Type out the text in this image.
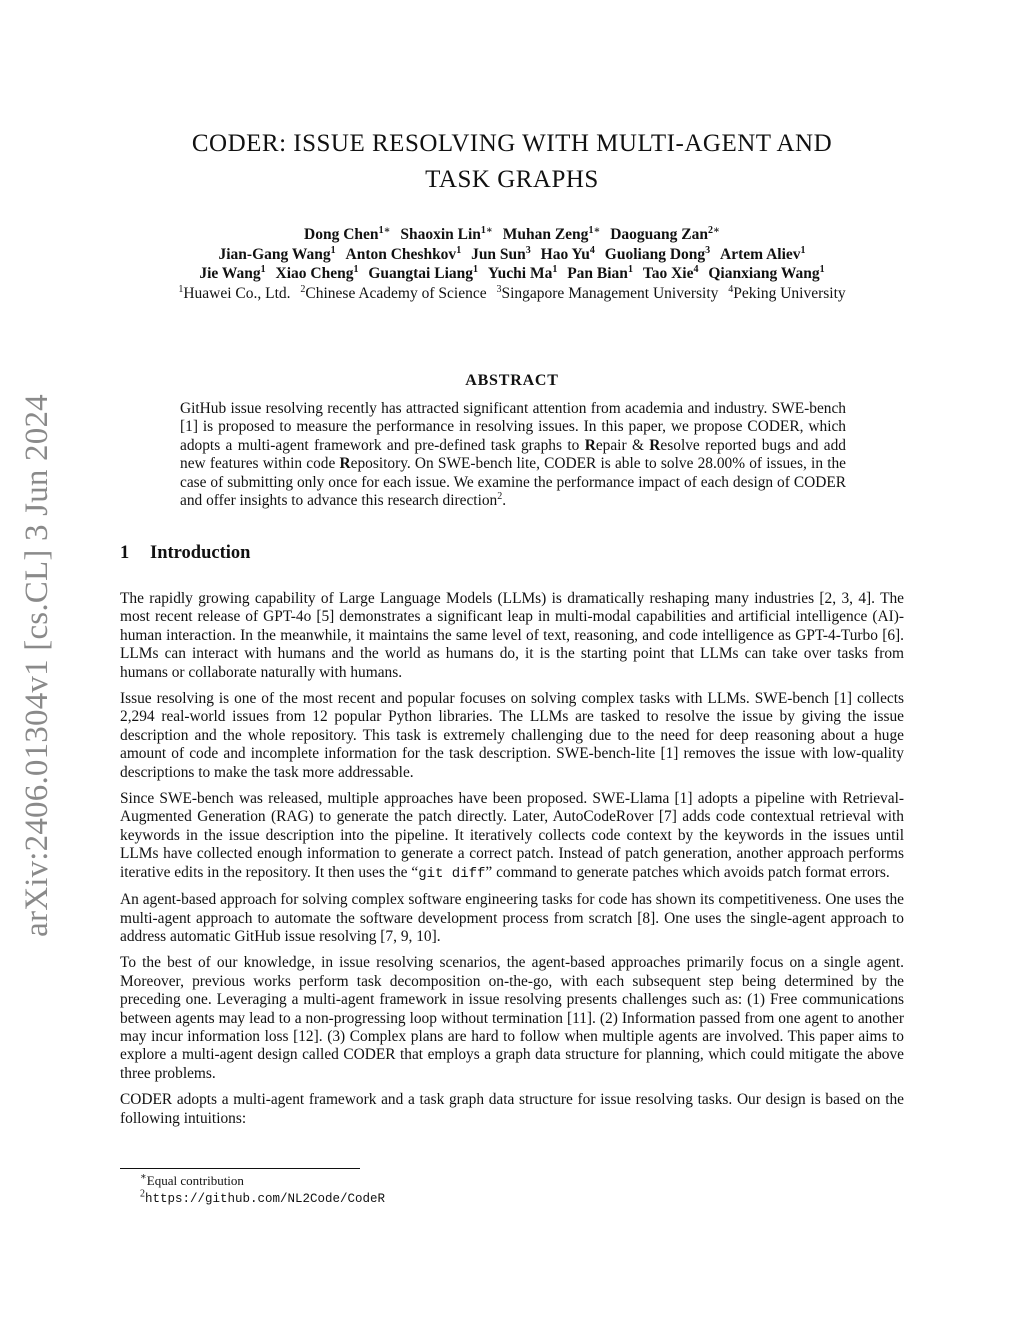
arXiv:2406.01304v1 [cs.CL] 3 Jun 2024
CODER: ISSUE RESOLVING WITH MULTI-AGENT AND
TASK GRAPHS
Dong Chen$^{1∗}$ Shaoxin Lin$^{1∗}$ Muhan Zeng$^{1∗}$ Daoguang Zan$^{2∗}$
Jian-Gang Wang$^1$ Anton Cheshkov$^1$ Jun Sun$^3$ Hao Yu$^4$ Guoliang Dong$^3$ Artem Aliev$^1$
Jie Wang$^1$ Xiao Cheng$^1$ Guangtai Liang$^1$ Yuchi Ma$^1$ Pan Bian$^1$ Tao Xie$^4$ Qianxiang Wang$^1$
$^1$Huawei Co., Ltd. $^2$Chinese Academy of Science $^3$Singapore Management University $^4$Peking University
ABSTRACT
GitHub issue resolving recently has attracted significant attention from academia and industry. SWE-bench [1] is proposed to measure the performance in resolving issues. In this paper, we propose CODER, which adopts a multi-agent framework and pre-defined task graphs to Repair & Resolve reported bugs and add new features within code Repository. On SWE-bench lite, CODER is able to solve 28.00% of issues, in the case of submitting only once for each issue. We examine the performance impact of each design of CODER and offer insights to advance this research direction$^2$.
1 Introduction

The rapidly growing capability of Large Language Models (LLMs) is dramatically reshaping many industries [2, 3, 4]. The most recent release of GPT-4o [5] demonstrates a significant leap in multi-modal capabilities and artificial intelligence (AI)-human interaction. In the meanwhile, it maintains the same level of text, reasoning, and code intelligence as GPT-4-Turbo [6]. LLMs can interact with humans and the world as humans do, it is the starting point that LLMs can take over tasks from humans or collaborate naturally with humans.

Issue resolving is one of the most recent and popular focuses on solving complex tasks with LLMs. SWE-bench [1] collects 2,294 real-world issues from 12 popular Python libraries. The LLMs are tasked to resolve the issue by giving the issue description and the whole repository. This task is extremely challenging due to the need for deep reasoning about a huge amount of code and incomplete information for the task description. SWE-bench-lite [1] removes the issue with low-quality descriptions to make the task more addressable.

Since SWE-bench was released, multiple approaches have been proposed. SWE-Llama [1] adopts a pipeline with Retrieval-Augmented Generation (RAG) to generate the patch directly. Later, AutoCodeRover [7] adds code contextual retrieval with keywords in the issue description into the pipeline. It iteratively collects code context by the keywords in the issues until LLMs have collected enough information to generate a correct patch. Instead of patch generation, another approach performs iterative edits in the repository. It then uses the “git diff” command to generate patches which avoids patch format errors.

An agent-based approach for solving complex software engineering tasks for code has shown its competitiveness. One uses the multi-agent approach to automate the software development process from scratch [8]. One uses the single-agent approach to address automatic GitHub issue resolving [7, 9, 10].

To the best of our knowledge, in issue resolving scenarios, the agent-based approaches primarily focus on a single agent. Moreover, previous works perform task decomposition on-the-go, with each subsequent step being determined by the preceding one. Leveraging a multi-agent framework in issue resolving presents challenges such as: (1) Free communications between agents may lead to a non-progressing loop without termination [11]. (2) Information passed from one agent to another may incur information loss [12]. (3) Complex plans are hard to follow when multiple agents are involved. This paper aims to explore a multi-agent design called CODER that employs a graph data structure for planning, which could mitigate the above three problems.

CODER adopts a multi-agent framework and a task graph data structure for issue resolving tasks. Our design is based on the following intuitions:

∗Equal contribution
$^2$https://github.com/NL2Code/CodeR
